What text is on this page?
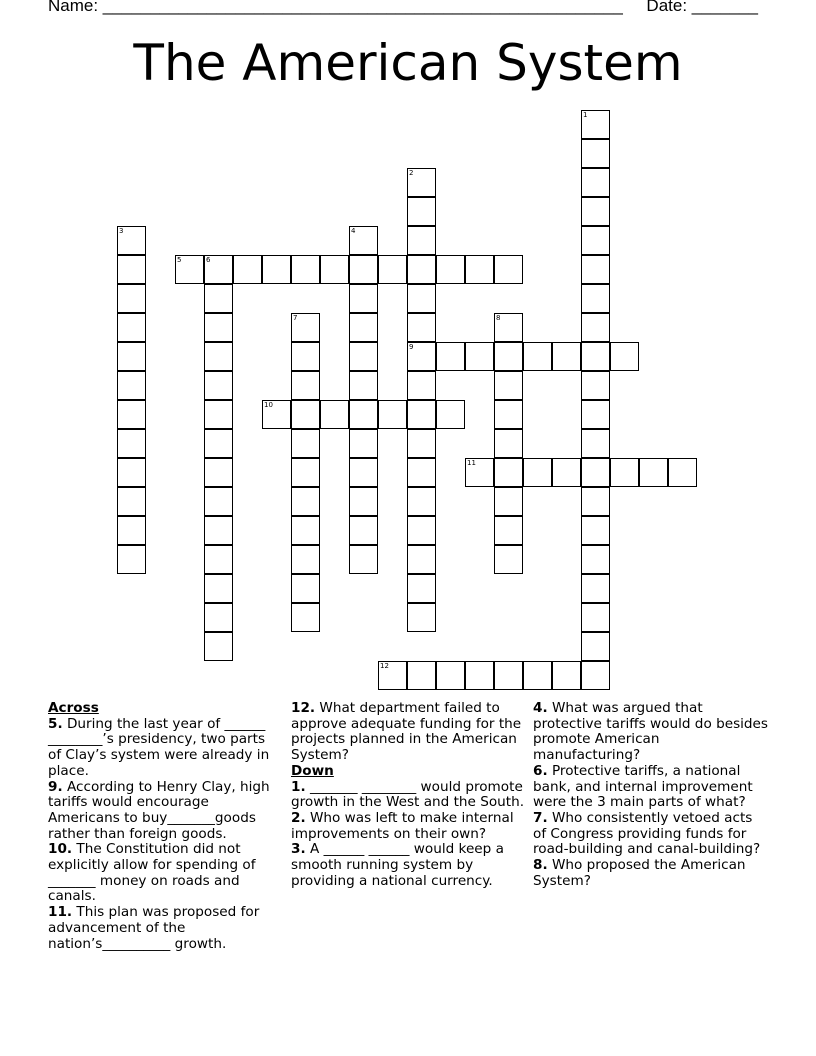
Name: _______________________________________________________     Date: _______
The American System
1
2
9
3	4
5	6
7	8
10
11
12

Across

5. During the last year of ______ ________’s presidency, two parts of Clay’s system were already in place.

9. According to Henry Clay, high tariffs would encourage Americans to buy_______goods rather than foreign goods.

10. The Constitution did not explicitly allow for spending of _______ money on roads and canals.

11. This plan was proposed for advancement of the nation’s__________ growth.

12. What department failed to approve adequate funding for the projects planned in the American System?

Down

1. _______ ________ would promote growth in the West and the South.

2. Who was left to make internal improvements on their own?

3. A ______ ______ would keep a smooth running system by providing a national currency.

4. What was argued that protective tariffs would do besides promote American manufacturing?

6. Protective tariffs, a national bank, and internal improvement were the 3 main parts of what?

7. Who consistently vetoed acts of Congress providing funds for road-building and canal-building?

8. Who proposed the American System?
